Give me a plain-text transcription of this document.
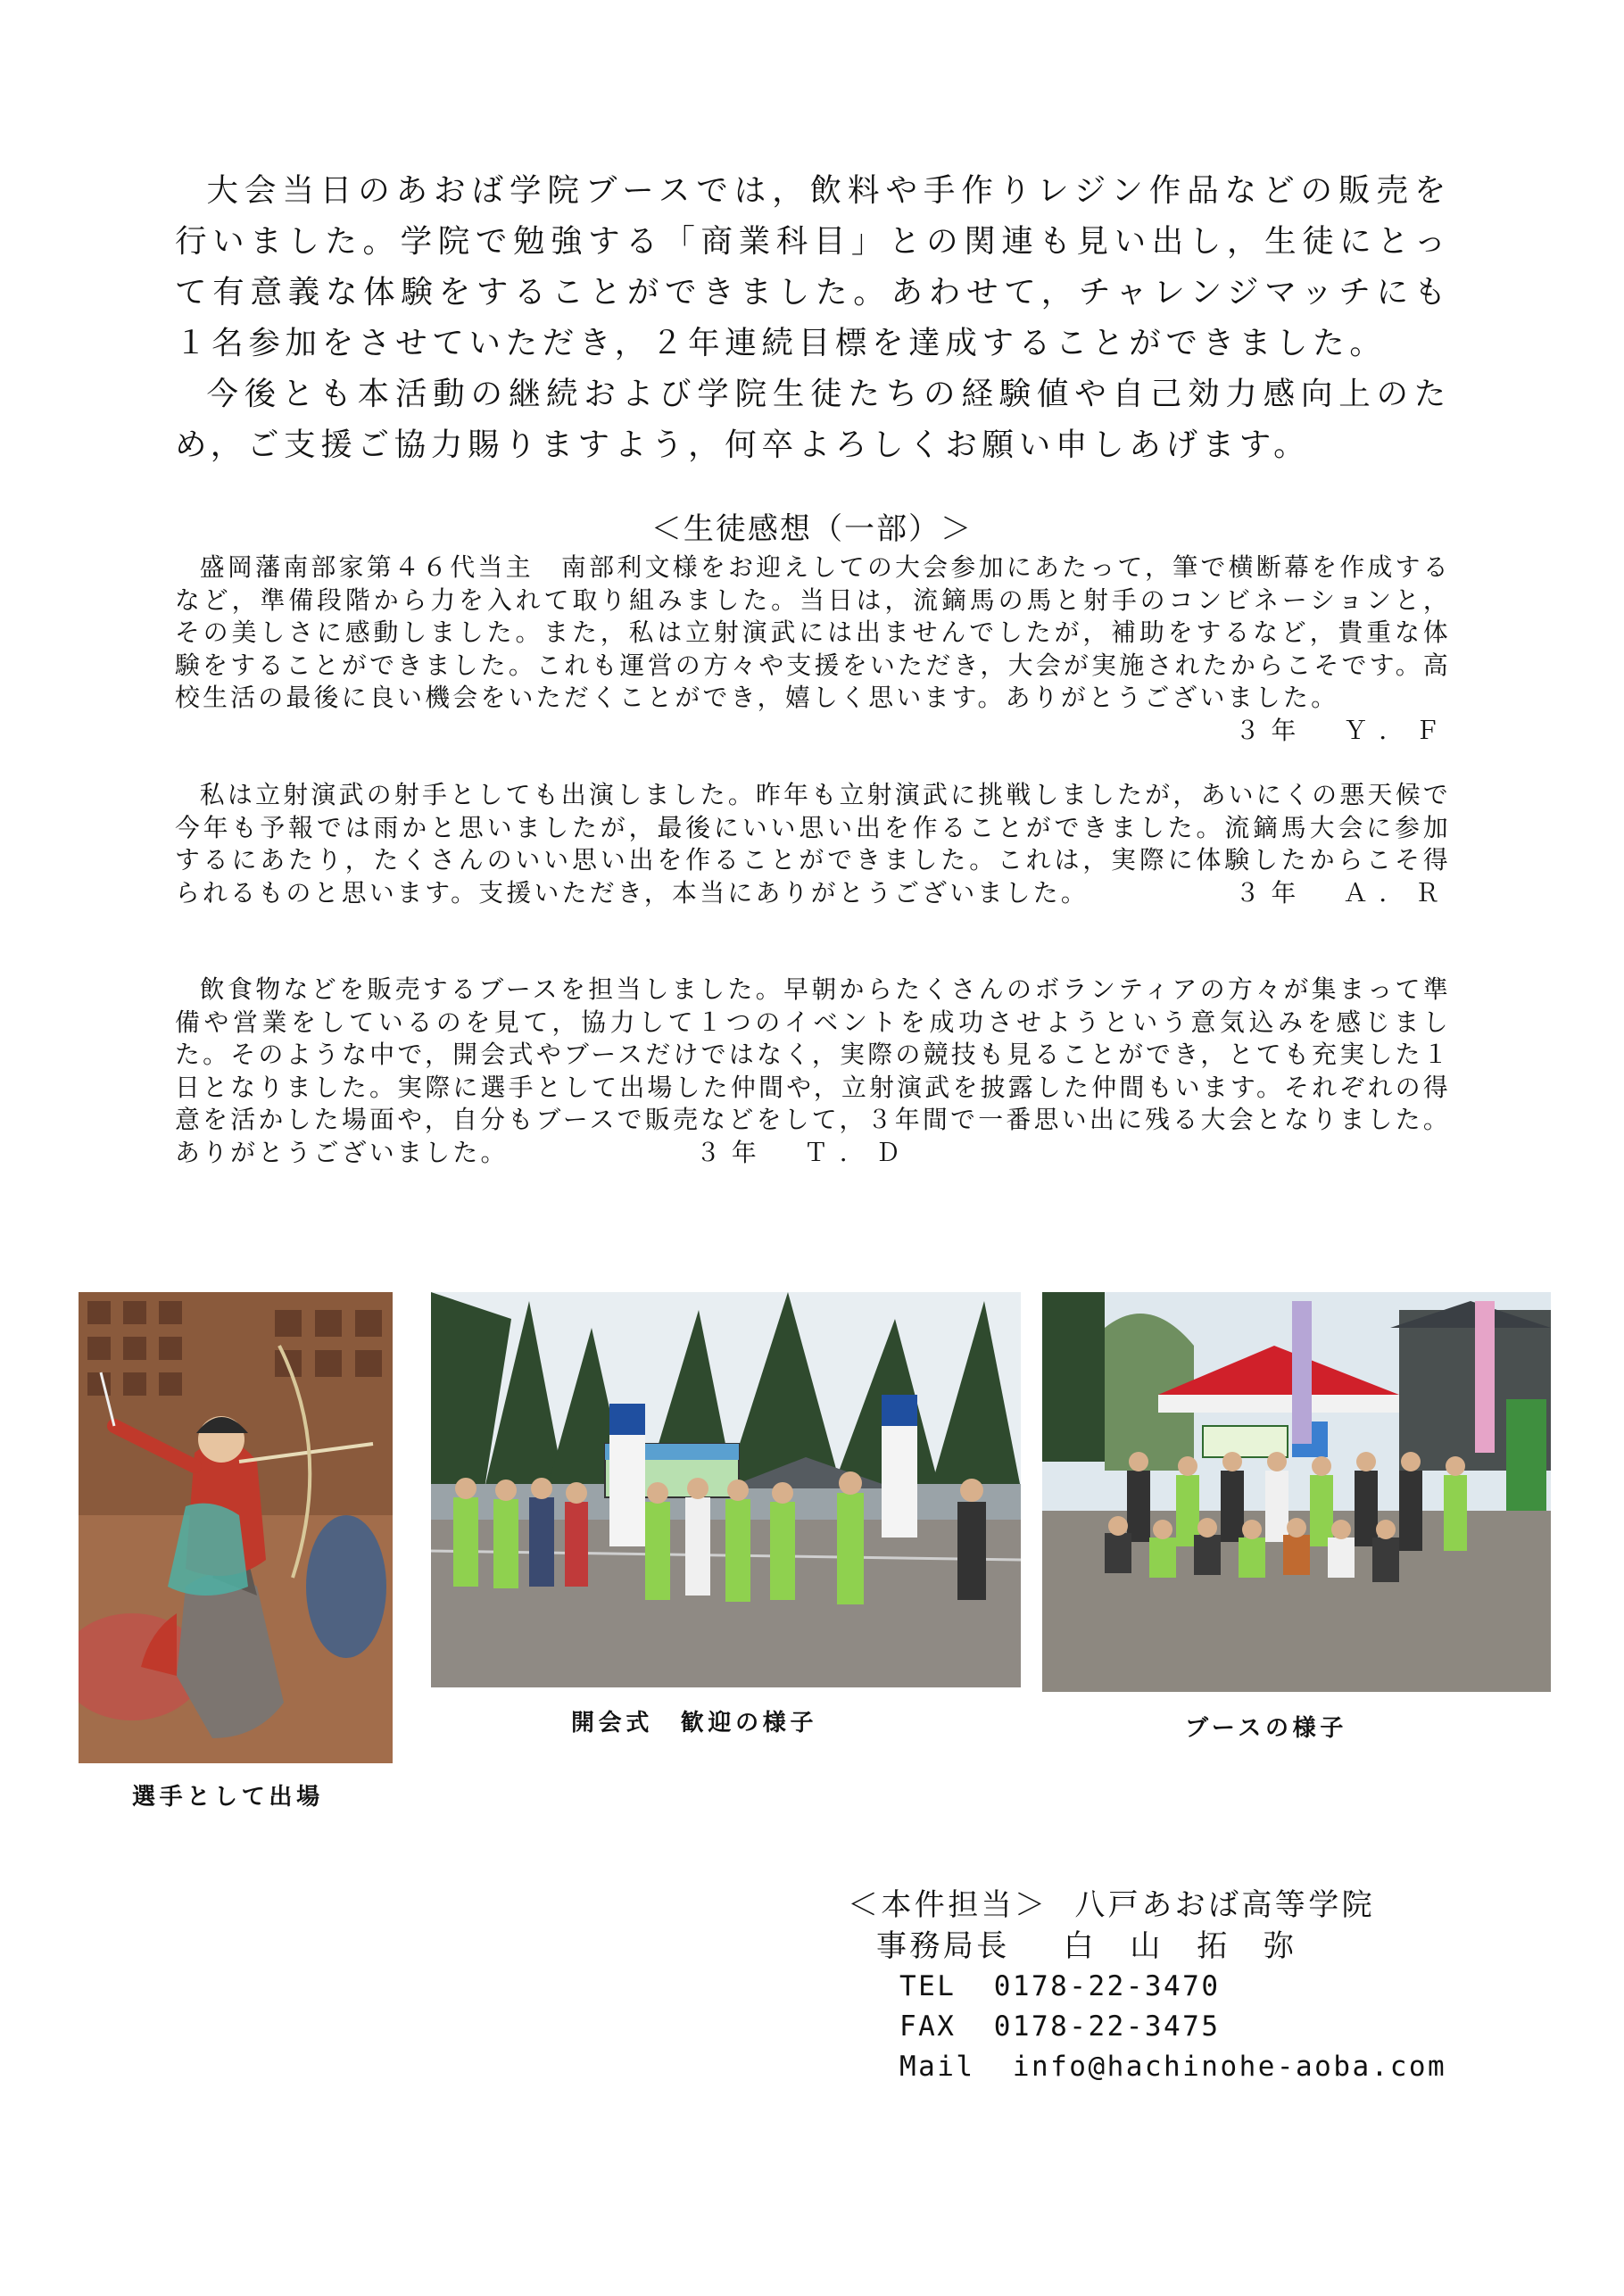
大会当日のあおば学院ブースでは，飲料や手作りレジン作品などの販売を行いました。学院で勉強する「商業科目」との関連も見い出し，生徒にとって有意義な体験をすることができました。あわせて，チャレンジマッチにも１名参加をさせていただき，２年連続目標を達成することができました。

今後とも本活動の継続および学院生徒たちの経験値や自己効力感向上のため，ご支援ご協力賜りますよう，何卒よろしくお願い申しあげます。

＜生徒感想（一部）＞

盛岡藩南部家第４６代当主　南部利文様をお迎えしての大会参加にあたって，筆で横断幕を作成するなど，準備段階から力を入れて取り組みました。当日は，流鏑馬の馬と射手のコンビネーションと，その美しさに感動しました。また，私は立射演武には出ませんでしたが，補助をするなど，貴重な体験をすることができました。これも運営の方々や支援をいただき，大会が実施されたからこそです。高校生活の最後に良い機会をいただくことができ，嬉しく思います。ありがとうございました。
３年　Ｙ．Ｆ

私は立射演武の射手としても出演しました。昨年も立射演武に挑戦しましたが，あいにくの悪天候で今年も予報では雨かと思いましたが，最後にいい思い出を作ることができました。流鏑馬大会に参加するにあたり，たくさんのいい思い出を作ることができました。これは，実際に体験したからこそ得られるものと思います。支援いただき，本当にありがとうございました。	３年　Ａ．Ｒ

飲食物などを販売するブースを担当しました。早朝からたくさんのボランティアの方々が集まって準備や営業をしているのを見て，協力して１つのイベントを成功させようという意気込みを感じました。そのような中で，開会式やブースだけではなく，実際の競技も見ることができ，とても充実した１日となりました。実際に選手として出場した仲間や，立射演武を披露した仲間もいます。それぞれの得意を活かした場面や，自分もブースで販売などをして，３年間で一番思い出に残る大会となりました。ありがとうございました。	３年　Ｔ．Ｄ

選手として出場
開会式　歓迎の様子	ブースの様子
＜本件担当＞ 八戸あおば高等学院
事務局長 白　山　拓　弥
TEL 0178-22-3470
FAX 0178-22-3475
Mail info@hachinohe-aoba.com
